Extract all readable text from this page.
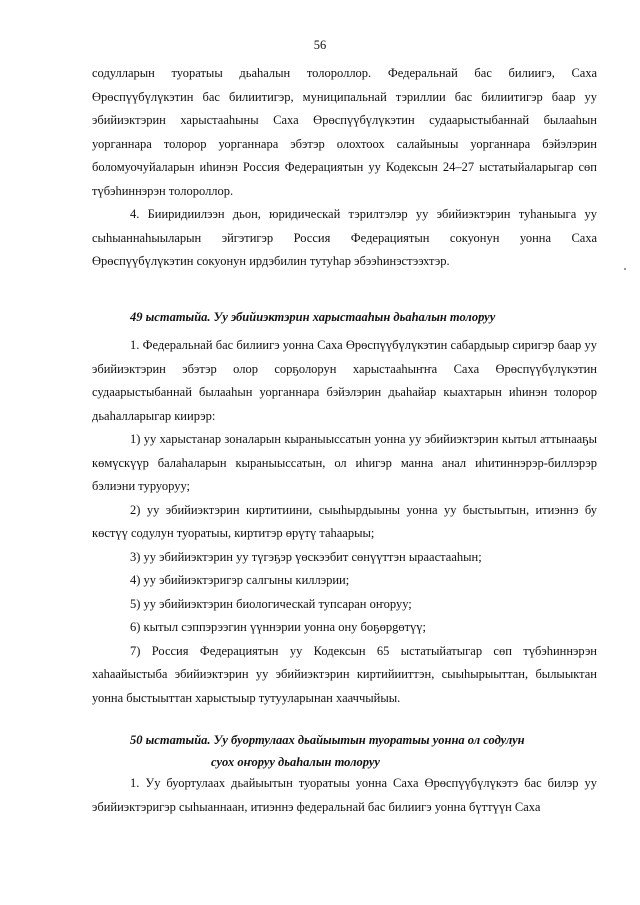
56

содулларын туоратыы дьаһалын толороллор. Федеральнай бас билиигэ, Саха Өрөспүүбүлүкэтин бас билиитигэр, муниципальнай тэриллии бас билиитигэр баар уу эбийиэктэрин харыстааһыны Саха Өрөспүүбүлүкэтин судаарыстыбаннай былааһын уорганнара толорор уорганнара эбэтэр олохтоох салайыныы уорганнара бэйэлэрин боломуочуйаларын иһинэн Россия Федерациятын уу Кодексын 24–27 ыстатыйаларыгар сөп түбэһиннэрэн толороллор.

4. Бииридиилээн дьон, юридическай тэрилтэлэр уу эбийиэктэрин туһаныыга уу сыһыаннаһыыларын эйгэтигэр Россия Федерациятын сокуонун уонна Саха Өрөспүүбүлүкэтин сокуонун ирдэбилин тутуһар эбээһинэстээхтэр.

49 ыстатыйа. Уу эбийиэктэрин харыстааһын дьаһалын толоруу

1. Федеральнай бас билиигэ уонна Саха Өрөспүүбүлүкэтин сабардыыр сиригэр баар уу эбийиэктэрин эбэтэр олор сорҕолорун харыстааһыҥҥа Саха Өрөспүүбүлүкэтин судаарыстыбаннай былааһын уорганнара бэйэлэрин дьаһайар кыахтарын иһинэн толорор дьаһалларыгар киирэр:

1) уу харыстанар зоналарын кыраныыссатын уонна уу эбийиэктэрин кытыл аттынааҕы көмүскүүр балаһаларын кыраныыссатын, ол иһигэр манна анал иһитиннэрэр-биллэрэр бэлиэни туруоруу;

2) уу эбийиэктэрин киртитиини, сыыһырдыыны уонна уу быстыытын, итиэннэ бу көстүү содулун туоратыы, киртитэр өрүтү таһаарыы;

3) уу эбийиэктэрин уу түгэҕэр үөскээбит сөнүүттэн ыраастааһын;

4) уу эбийиэктэригэр салгыны киллэрии;

5) уу эбийиэктэрин биологическай тупсаран оҥоруу;

6) кытыл сэппэрээгин үүннэрии уонна ону боҕөрgөтүү;

7) Россия Федерациятын уу Кодексын 65 ыстатыйатыгар сөп түбэһиннэрэн хаһаайыстыба эбийиэктэрин уу эбийиэктэрин киртийииттэн, сыыһырыыттан, былыыктан уонна быстыыттан харыстыыр тутууларынан хааччыйыы.

50 ыстатыйа. Уу буортулаах дьайыытын туоратыы уонна ол содулун
суох оҥоруу дьаһалын толоруу

1. Уу буортулаах дьайыытын туоратыы уонна Саха Өрөспүүбүлүкэтэ бас билэр уу эбийиэктэригэр сыһыаннаан, итиэннэ федеральнай бас билиигэ уонна бүттүүн Саха
